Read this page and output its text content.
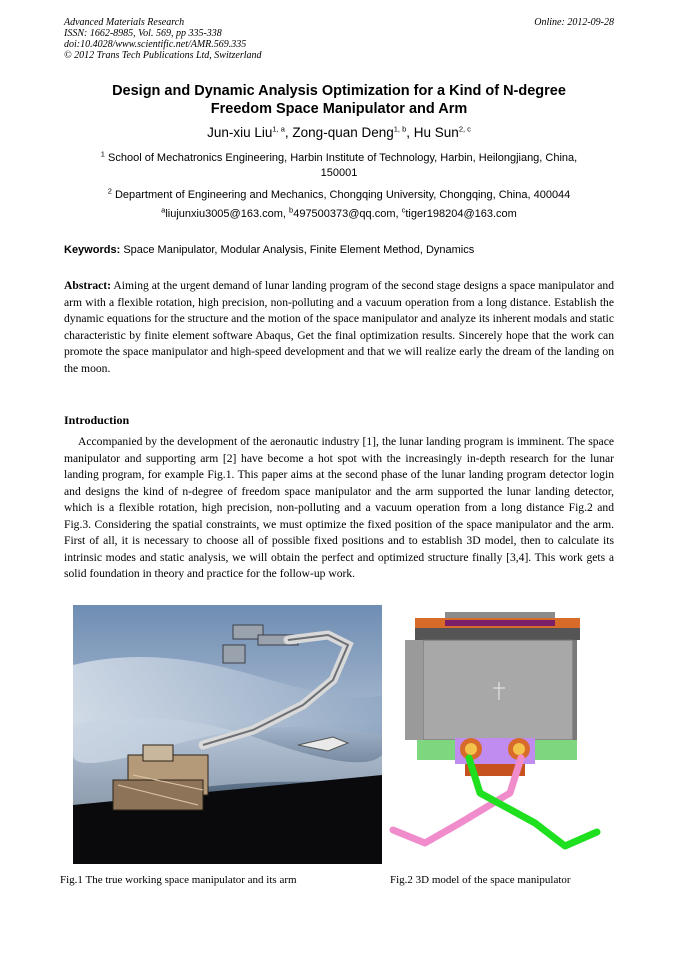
Advanced Materials Research
ISSN: 1662-8985, Vol. 569, pp 335-338
doi:10.4028/www.scientific.net/AMR.569.335
© 2012 Trans Tech Publications Ltd, Switzerland
Online: 2012-09-28
Design and Dynamic Analysis Optimization for a Kind of N-degree
Freedom Space Manipulator and Arm
Jun-xiu Liu$^{1, a}$, Zong-quan Deng$^{1, b}$, Hu Sun$^{2, c}$
$^1$ School of Mechatronics Engineering, Harbin Institute of Technology, Harbin, Heilongjiang, China,
150001
$^2$ Department of Engineering and Mechanics, Chongqing University, Chongqing, China, 400044
$^a$liujunxiu3005@163.com, $^b$497500373@qq.com, $^c$tiger198204@163.com
Keywords: Space Manipulator, Modular Analysis, Finite Element Method, Dynamics
Abstract: Aiming at the urgent demand of lunar landing program of the second stage designs a space manipulator and arm with a flexible rotation, high precision, non-polluting and a vacuum operation from a long distance. Establish the dynamic equations for the structure and the motion of the space manipulator and analyze its inherent modals and static characteristic by finite element software Abaqus, Get the final optimization results. Sincerely hope that the work can promote the space manipulator and high-speed development and that we will realize early the dream of the landing on the moon.
Introduction
Accompanied by the development of the aeronautic industry [1], the lunar landing program is imminent. The space manipulator and supporting arm [2] have become a hot spot with the increasingly in-depth research for the lunar landing program, for example Fig.1. This paper aims at the second phase of the lunar landing program detector login and designs the kind of n-degree of freedom space manipulator and the arm supported the lunar landing detector, which is a flexible rotation, high precision, non-polluting and a vacuum operation from a long distance Fig.2 and Fig.3. Considering the spatial constraints, we must optimize the fixed position of the space manipulator and the arm. First of all, it is necessary to choose all of possible fixed positions and to establish 3D model, then to calculate its intrinsic modes and static analysis, we will obtain the perfect and optimized structure finally [3,4]. This work gets a solid foundation in theory and practice for the follow-up work.
Fig.1 The true working space manipulator and its arm	Fig.2 3D model of the space manipulator
